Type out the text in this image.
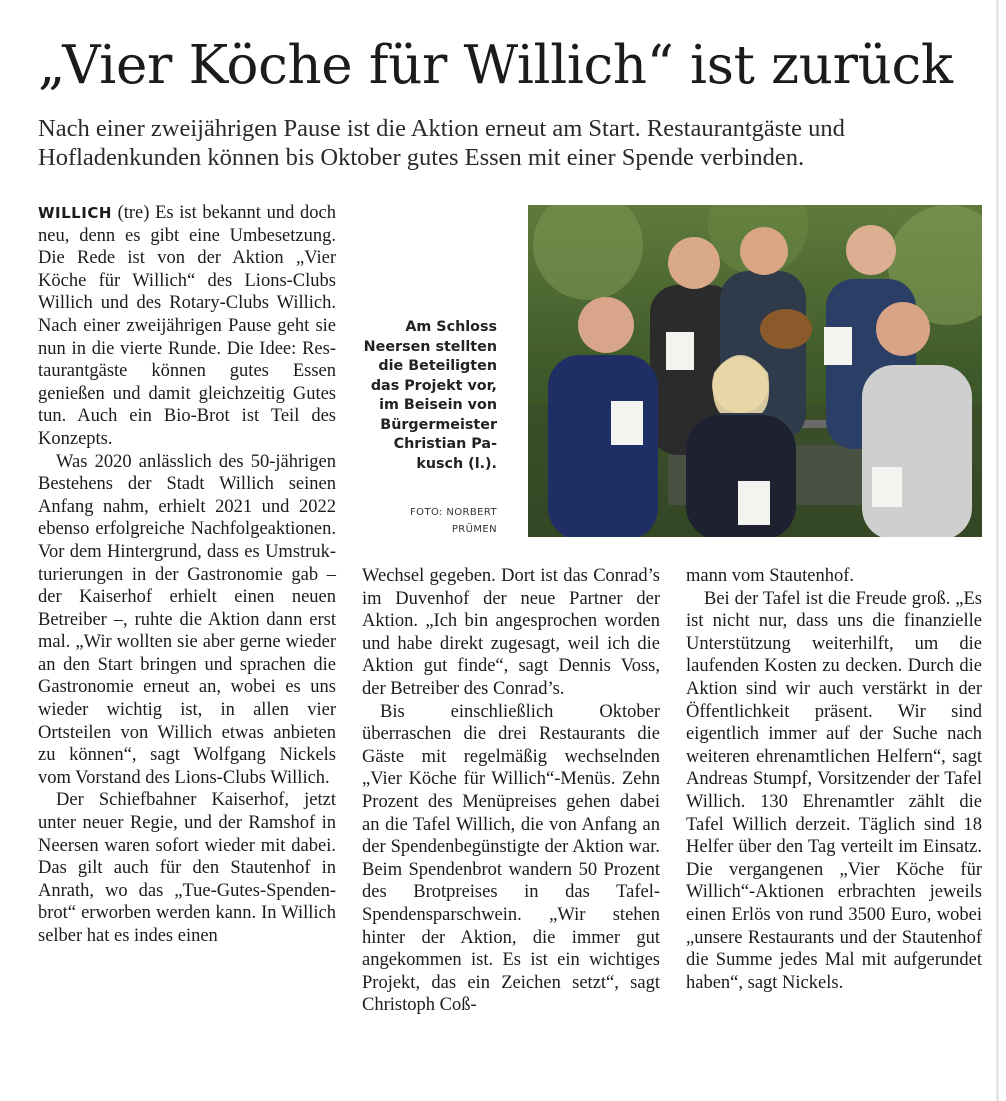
„Vier Köche für Willich“ ist zurück

Nach einer zweijährigen Pause ist die Aktion erneut am Start. Restaurantgäste und Hofladenkunden können bis Oktober gutes Essen mit einer Spende verbinden.

WILLICH (tre) Es ist bekannt und doch neu, denn es gibt eine Umbesetzung. Die Rede ist von der Aktion „Vier Köche für Willich“ des Lions-Clubs Willich und des Rotary-Clubs Willich. Nach einer zweijährigen Pause geht sie nun in die vierte Runde. Die Idee: Restaurantgäste können gutes Essen genießen und damit gleichzeitig Gutes tun. Auch ein Bio-Brot ist Teil des Konzepts.

Was 2020 anlässlich des 50-jährigen Bestehens der Stadt Willich seinen Anfang nahm, erhielt 2021 und 2022 ebenso erfolgreiche Nachfolgeaktionen. Vor dem Hintergrund, dass es Umstrukturierungen in der Gastronomie gab – der Kaiserhof erhielt einen neuen Betreiber –, ruhte die Aktion dann erst mal. „Wir wollten sie aber gerne wieder an den Start bringen und sprachen die Gastronomie erneut an, wobei es uns wieder wichtig ist, in allen vier Ortsteilen von Willich etwas anbieten zu können“, sagt Wolfgang Nickels vom Vorstand des Lions-Clubs Willich.

Der Schiefbahner Kaiserhof, jetzt unter neuer Regie, und der Ramshof in Neersen waren sofort wieder mit dabei. Das gilt auch für den Stautenhof in Anrath, wo das „Tue-Gutes-Spendenbrot“ erworben werden kann. In Willich selber hat es indes einen

Am Schloss Neersen stellten die Beteiligten das Projekt vor, im Beisein von Bürgermeister Christian Pakusch (l.).
FOTO: NORBERT PRÜMEN

Wechsel gegeben. Dort ist das Conrad’s im Duvenhof der neue Partner der Aktion. „Ich bin angesprochen worden und habe direkt zugesagt, weil ich die Aktion gut finde“, sagt Dennis Voss, der Betreiber des Conrad’s.

Bis einschließlich Oktober überraschen die drei Restaurants die Gäste mit regelmäßig wechselnden „Vier Köche für Willich“-Menüs. Zehn Prozent des Menüpreises gehen dabei an die Tafel Willich, die von Anfang an der Spendenbegünstigte der Aktion war. Beim Spendenbrot wandern 50 Prozent des Brotpreises in das Tafel-Spendensparschwein. „Wir stehen hinter der Aktion, die immer gut angekommen ist. Es ist ein wichtiges Projekt, das ein Zeichen setzt“, sagt Christoph Coß-

mann vom Stautenhof.

Bei der Tafel ist die Freude groß. „Es ist nicht nur, dass uns die finanzielle Unterstützung weiterhilft, um die laufenden Kosten zu decken. Durch die Aktion sind wir auch verstärkt in der Öffentlichkeit präsent. Wir sind eigentlich immer auf der Suche nach weiteren ehrenamtlichen Helfern“, sagt Andreas Stumpf, Vorsitzender der Tafel Willich. 130 Ehrenamtler zählt die Tafel Willich derzeit. Täglich sind 18 Helfer über den Tag verteilt im Einsatz. Die vergangenen „Vier Köche für Willich“-Aktionen erbrachten jeweils einen Erlös von rund 3500 Euro, wobei „unsere Restaurants und der Stautenhof die Summe jedes Mal mit aufgerundet haben“, sagt Nickels.
